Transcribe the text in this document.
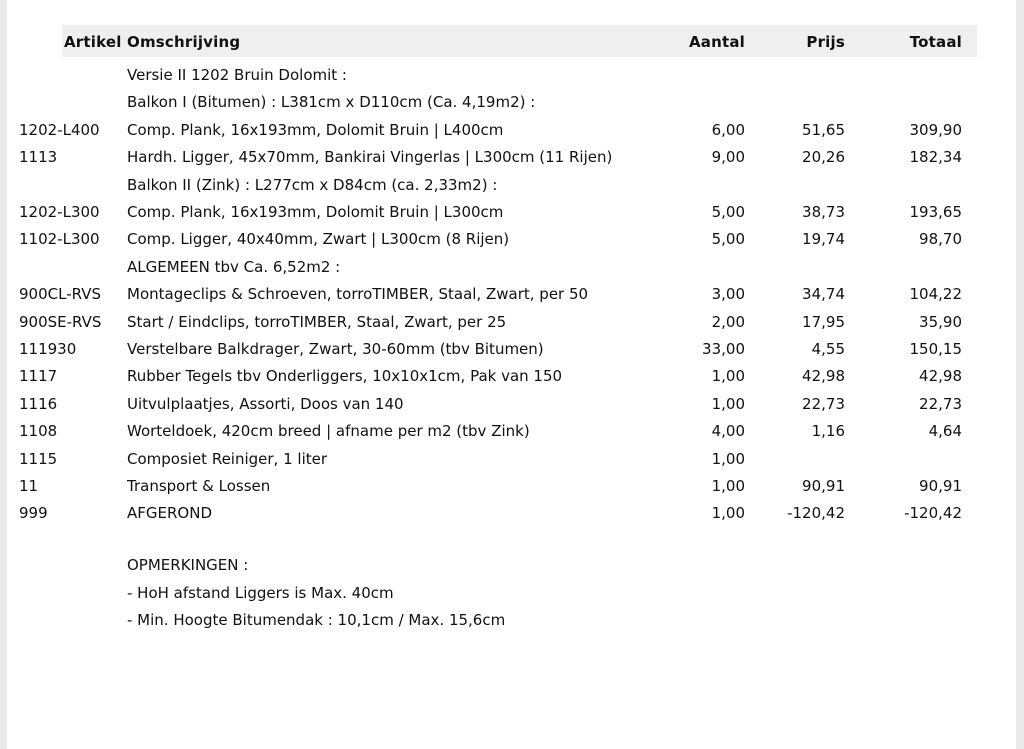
Artikel Omschrijving	Aantal	Prijs	Totaal
Versie II 1202 Bruin Dolomit :
Balkon I (Bitumen) : L381cm x D110cm (Ca. 4,19m2) :
1202-L400 Comp. Plank, 16x193mm, Dolomit Bruin | L400cm	6,00	51,65	309,90
1113	Hardh. Ligger, 45x70mm, Bankirai Vingerlas | L300cm (11 Rijen)	9,00	20,26	182,34
Balkon II (Zink) : L277cm x D84cm (ca. 2,33m2) :
1202-L300 Comp. Plank, 16x193mm, Dolomit Bruin | L300cm	5,00	38,73	193,65
1102-L300 Comp. Ligger, 40x40mm, Zwart | L300cm (8 Rijen)	5,00	19,74	98,70
ALGEMEEN tbv Ca. 6,52m2 :
900CL-RVS Montageclips & Schroeven, torroTIMBER, Staal, Zwart, per 50	3,00	34,74	104,22
900SE-RVS Start / Eindclips, torroTIMBER, Staal, Zwart, per 25	2,00	17,95	35,90
111930	Verstelbare Balkdrager, Zwart, 30-60mm (tbv Bitumen)	33,00	4,55	150,15
1117	Rubber Tegels tbv Onderliggers, 10x10x1cm, Pak van 150	1,00	42,98	42,98
1116	Uitvulplaatjes, Assorti, Doos van 140	1,00	22,73	22,73
1108	Worteldoek, 420cm breed | afname per m2 (tbv Zink)	4,00	1,16	4,64
1115	Composiet Reiniger, 1 liter	1,00
11	Transport & Lossen	1,00	90,91	90,91
999	AFGEROND	1,00	-120,42	-120,42
OPMERKINGEN :
- HoH afstand Liggers is Max. 40cm
- Min. Hoogte Bitumendak : 10,1cm / Max. 15,6cm
